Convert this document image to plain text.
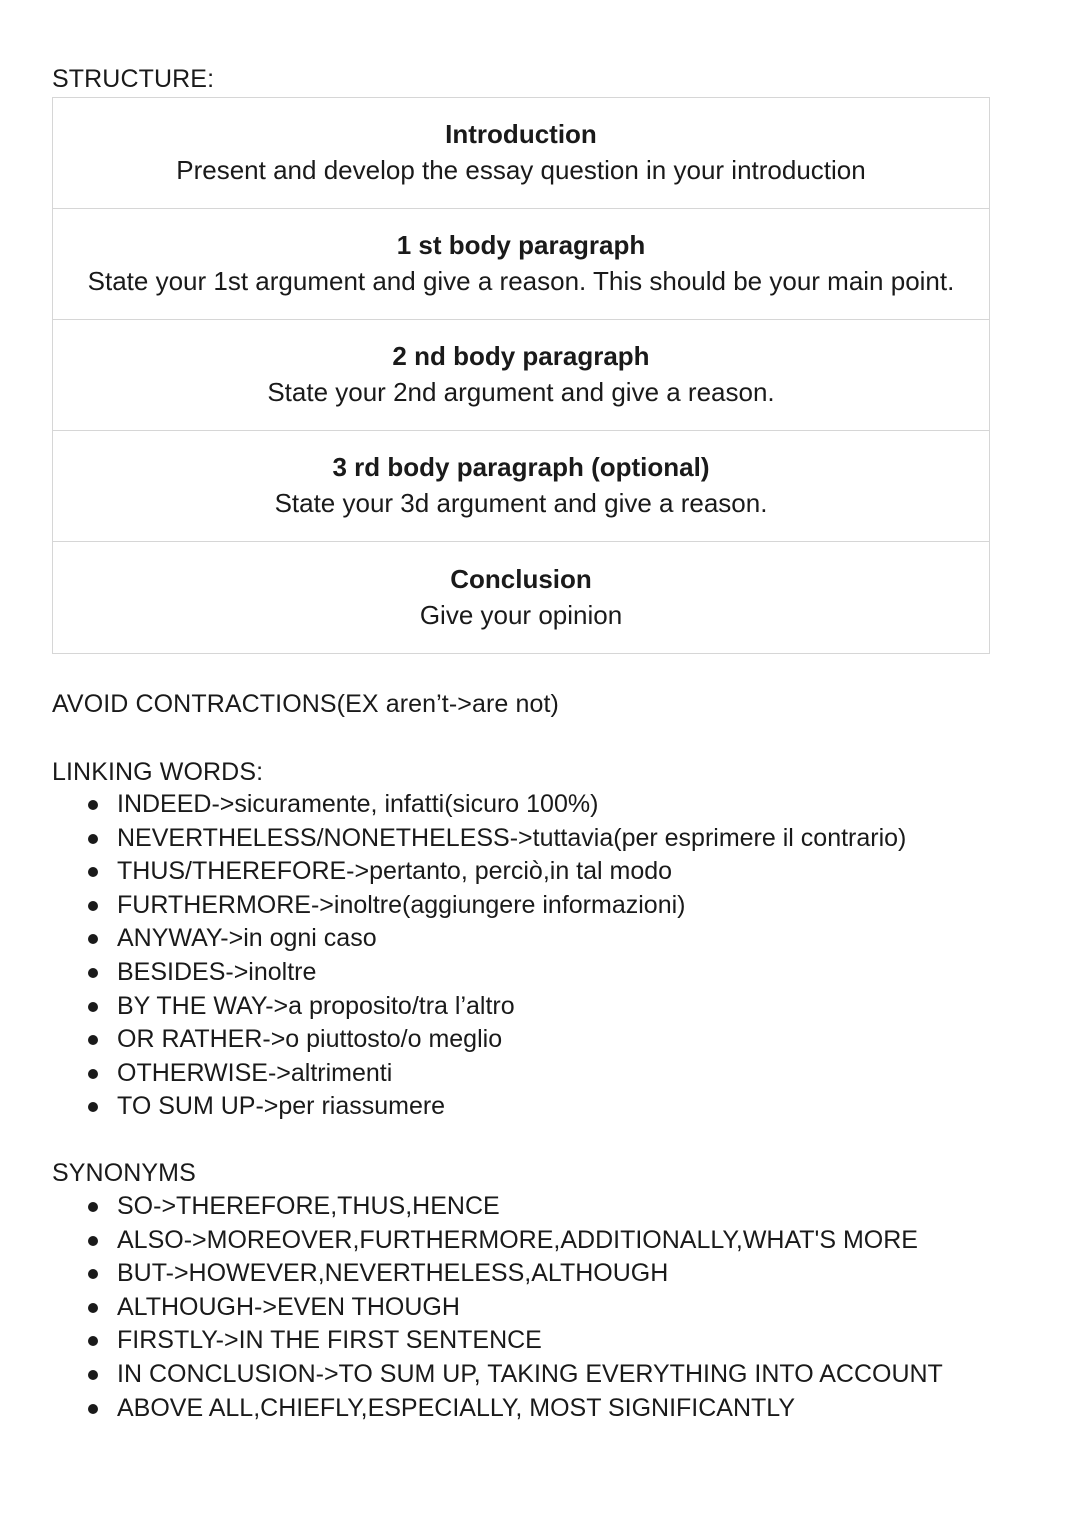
STRUCTURE:
Introduction
Present and develop the essay question in your introduction
1 st body paragraph
State your 1st argument and give a reason. This should be your main point.
2 nd body paragraph
State your 2nd argument and give a reason.
3 rd body paragraph (optional)
State your 3d argument and give a reason.
Conclusion
Give your opinion
AVOID CONTRACTIONS(EX aren’t->are not)
LINKING WORDS:
INDEED->sicuramente, infatti(sicuro 100%)
NEVERTHELESS/NONETHELESS->tuttavia(per esprimere il contrario)
THUS/THEREFORE->pertanto, perciò,in tal modo
FURTHERMORE->inoltre(aggiungere informazioni)
ANYWAY->in ogni caso
BESIDES->inoltre
BY THE WAY->a proposito/tra l’altro
OR RATHER->o piuttosto/o meglio
OTHERWISE->altrimenti
TO SUM UP->per riassumere
SYNONYMS
SO->THEREFORE,THUS,HENCE
ALSO->MOREOVER,FURTHERMORE,ADDITIONALLY,WHAT'S MORE
BUT->HOWEVER,NEVERTHELESS,ALTHOUGH
ALTHOUGH->EVEN THOUGH
FIRSTLY->IN THE FIRST SENTENCE
IN CONCLUSION->TO SUM UP, TAKING EVERYTHING INTO ACCOUNT
ABOVE ALL,CHIEFLY,ESPECIALLY, MOST SIGNIFICANTLY
